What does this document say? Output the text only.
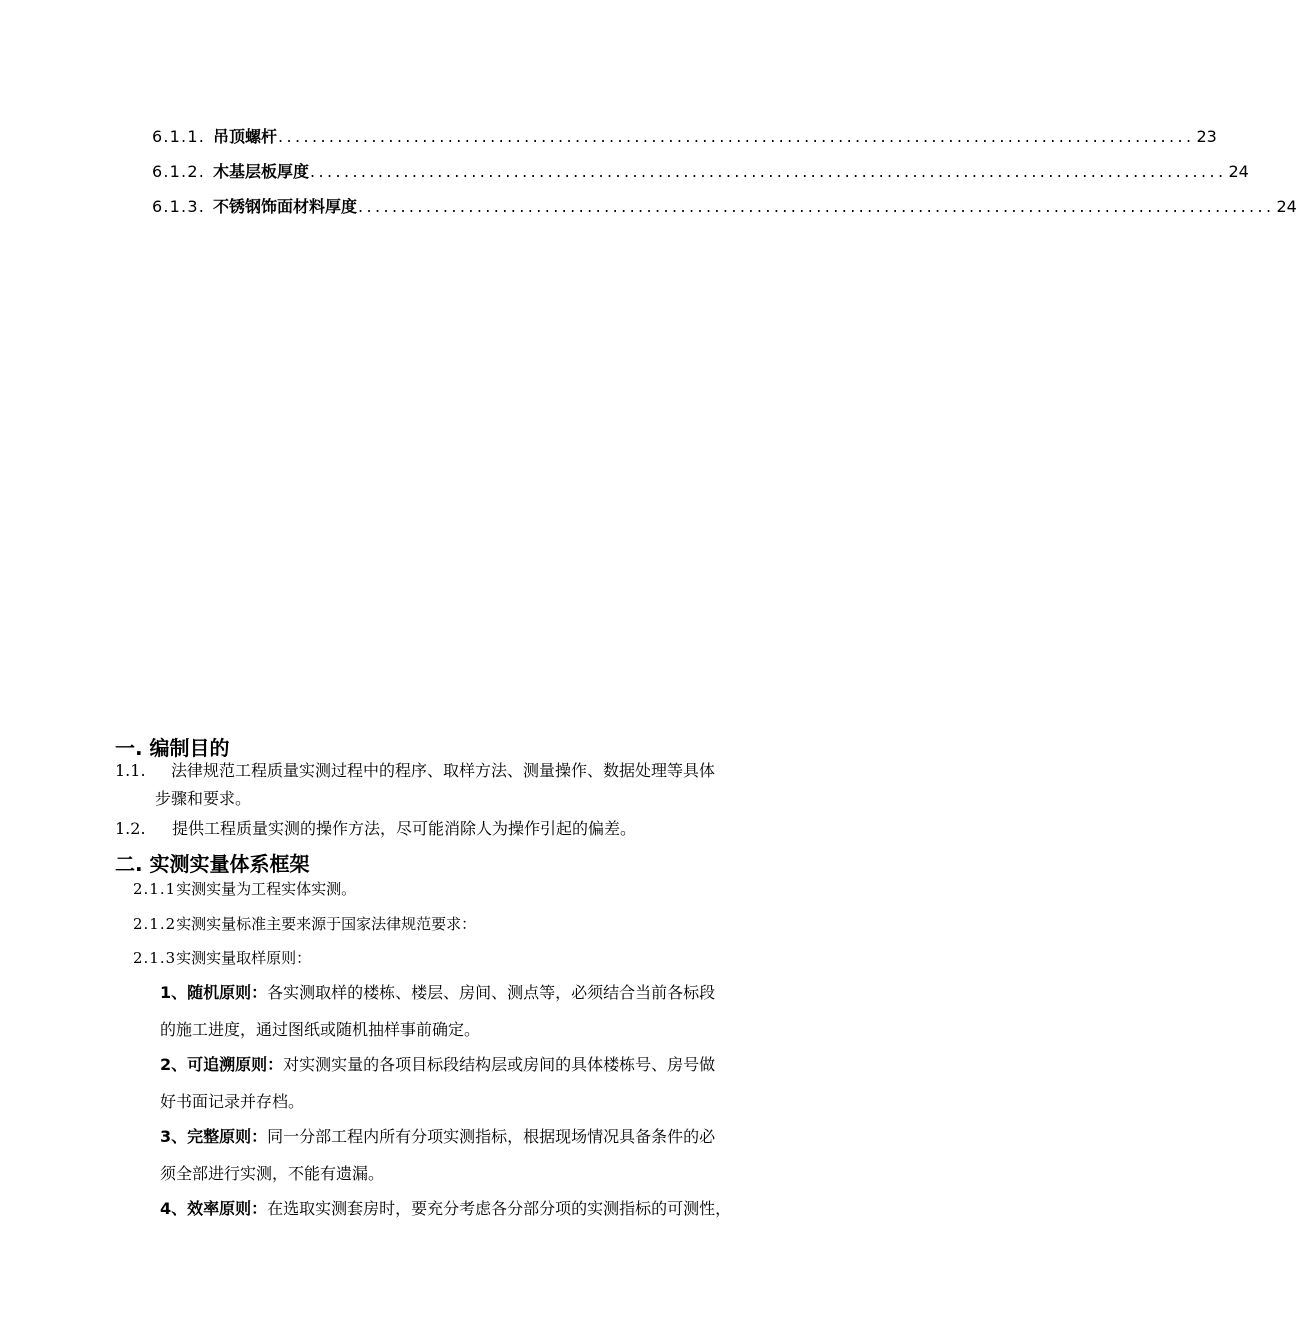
6.1.1. 吊顶螺杆 ............................................................................................................ 23
6.1.2. 木基层板厚度 ............................................................................................................ 24
6.1.3. 不锈钢饰面材料厚度 ............................................................................................................ 24
一. 编制目的
1.1. 法律规范工程质量实测过程中的程序、取样方法、测量操作、数据处理等具体
步骤和要求。
1.2. 提供工程质量实测的操作方法，尽可能消除人为操作引起的偏差。
二. 实测实量体系框架
2.1.1实测实量为工程实体实测。
2.1.2实测实量标准主要来源于国家法律规范要求：
2.1.3实测实量取样原则：
1、随机原则：各实测取样的楼栋、楼层、房间、测点等，必须结合当前各标段
的施工进度，通过图纸或随机抽样事前确定。
2、可追溯原则：对实测实量的各项目标段结构层或房间的具体楼栋号、房号做
好书面记录并存档。
3、完整原则：同一分部工程内所有分项实测指标，根据现场情况具备条件的必
须全部进行实测，不能有遗漏。
4、效率原则：在选取实测套房时，要充分考虑各分部分项的实测指标的可测性，
